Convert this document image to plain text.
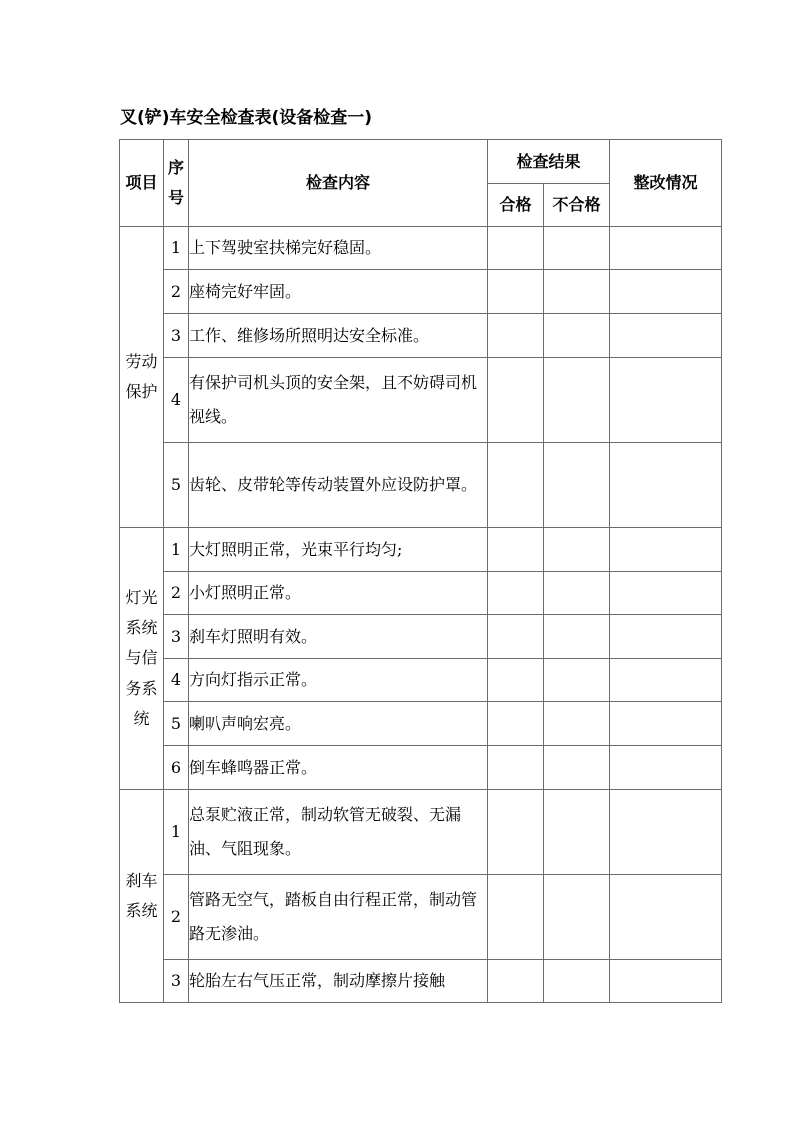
叉(铲)车安全检查表(设备检查一)
项目	序号	检查内容	检查结果		整改情况
			合格	不合格	
劳动保护	1	上下驾驶室扶梯完好稳固。			
	2	座椅完好牢固。			
	3	工作、维修场所照明达安全标准。			
	4	有保护司机头顶的安全架，且不妨碍司机视线。			
	5	齿轮、皮带轮等传动装置外应设防护罩。			
灯光系统与信务系统	1	大灯照明正常，光束平行均匀;			
	2	小灯照明正常。			
	3	刹车灯照明有效。			
	4	方向灯指示正常。			
	5	喇叭声响宏亮。			
	6	倒车蜂鸣器正常。			
刹车系统	1	总泵贮液正常，制动软管无破裂、无漏油、气阻现象。			
	2	管路无空气，踏板自由行程正常，制动管路无渗油。			
	3	轮胎左右气压正常，制动摩擦片接触			
